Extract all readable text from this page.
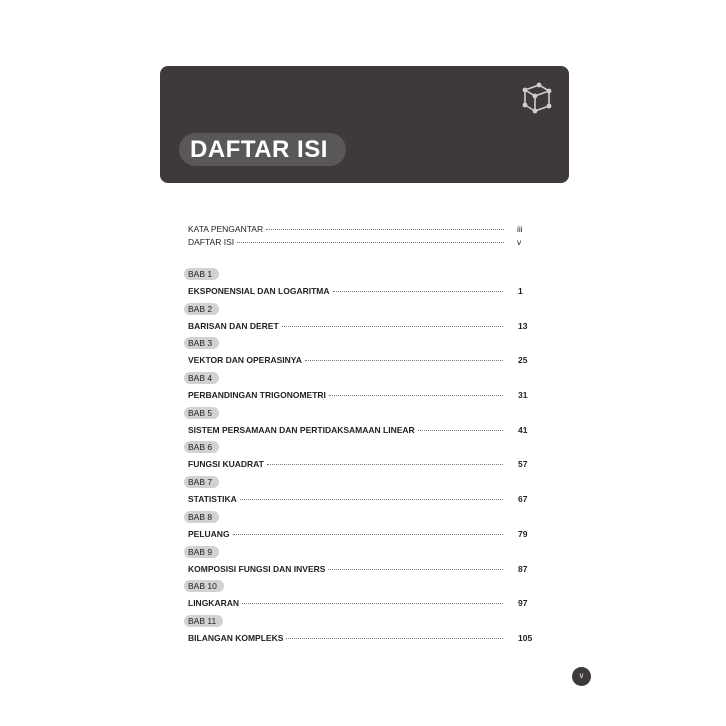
DAFTAR ISI
KATA PENGANTAR	iii
DAFTAR ISI	v
BAB 1
EKSPONENSIAL DAN LOGARITMA	1
BAB 2
BARISAN DAN DERET	13
BAB 3
VEKTOR DAN OPERASINYA	25
BAB 4
PERBANDINGAN TRIGONOMETRI	31
BAB 5
SISTEM PERSAMAAN DAN PERTIDAKSAMAAN LINEAR	41
BAB 6
FUNGSI KUADRAT	57
BAB 7
STATISTIKA	67
BAB 8
PELUANG	79
BAB 9
KOMPOSISI FUNGSI DAN INVERS	87
BAB 10
LINGKARAN	97
BAB 11
BILANGAN KOMPLEKS	105
v
